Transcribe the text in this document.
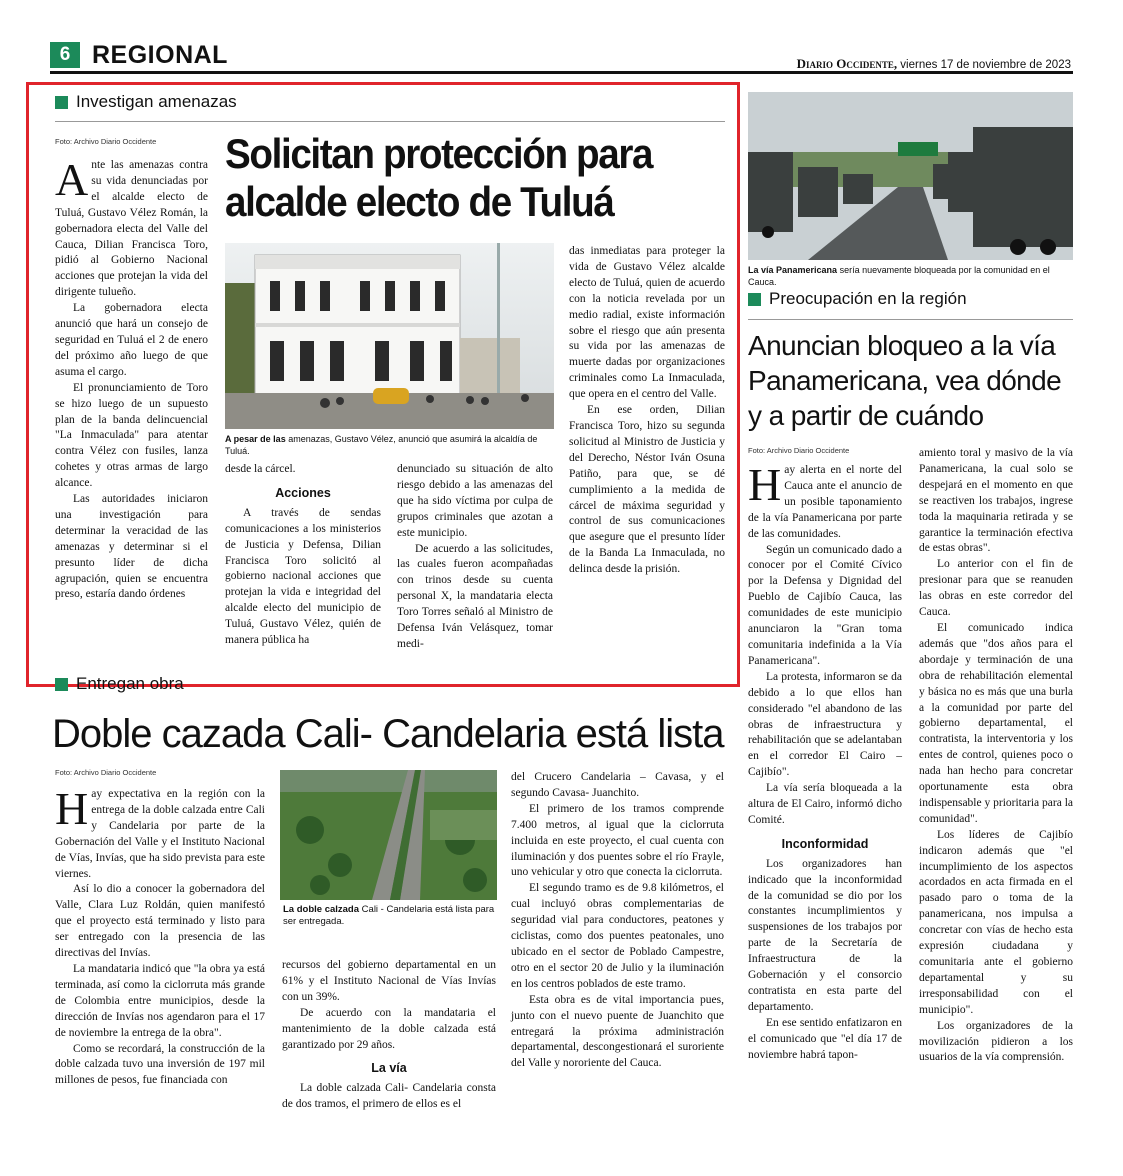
6 REGIONAL	Diario Occidente, viernes 17 de noviembre de 2023
Investigan amenazas
Foto: Archivo Diario Occidente Solicitan protección para alcalde electo de Tuluá
A pesar de las amenazas, Gustavo Vélez, anunció que asumirá la alcaldía de Tuluá.
A nte las amenazas contra su vida denunciadas por el alcalde electo de Tuluá, Gustavo Vélez Román, la gobernadora electa del Valle del Cauca, Dilian Francisca Toro, pidió al Gobierno Nacional acciones que protejan la vida del dirigente tulueño.

La gobernadora electa anunció que hará un consejo de seguridad en Tuluá el 2 de enero del próximo año luego de que asuma el cargo.

El pronunciamiento de Toro se hizo luego de un supuesto plan de la banda delincuencial "La Inmaculada" para atentar contra Vélez con fusiles, lanza cohetes y otras armas de largo alcance.

Las autoridades iniciaron una investigación para determinar la veracidad de las amenazas y determinar si el presunto líder de dicha agrupación, quien se encuentra preso, estaría dando órdenes

desde la cárcel.

Acciones

A través de sendas comunicaciones a los ministerios de Justicia y Defensa, Dilian Francisca Toro solicitó al gobierno nacional acciones que protejan la vida e integridad del alcalde electo del municipio de Tuluá, Gustavo Vélez, quién de manera pública ha

denunciado su situación de alto riesgo debido a las amenazas del que ha sido víctima por culpa de grupos criminales que azotan a este municipio.

De acuerdo a las solicitudes, las cuales fueron acompañadas con trinos desde su cuenta personal X, la mandataria electa Toro Torres señaló al Ministro de Defensa Iván Velásquez, tomar medi-

das inmediatas para proteger la vida de Gustavo Vélez alcalde electo de Tuluá, quien de acuerdo con la noticia revelada por un medio radial, existe información sobre el riesgo que aún presenta su vida por las amenazas de muerte dadas por organizaciones criminales como La Inmaculada, que opera en el centro del Valle.

En ese orden, Dilian Francisca Toro, hizo su segunda solicitud al Ministro de Justicia y del Derecho, Néstor Iván Osuna Patiño, para que, se dé cumplimiento a la medida de cárcel de máxima seguridad y control de sus comunicaciones que asegure que el presunto líder de la Banda La Inmaculada, no delinca desde la prisión.

Entregan obra
Doble cazada Cali- Candelaria está lista
Foto: Archivo Diario Occidente
La doble calzada Cali - Candelaria está lista para ser entregada.
H ay expectativa en la región con la entrega de la doble calzada entre Cali y Candelaria por parte de la Gobernación del Valle y el Instituto Nacional de Vías, Invías, que ha sido prevista para este viernes.

Así lo dio a conocer la gobernadora del Valle, Clara Luz Roldán, quien manifestó que el proyecto está terminado y listo para ser entregado con la presencia de las directivas del Invías.

La mandataria indicó que "la obra ya está terminada, así como la ciclorruta más grande de Colombia entre municipios, desde la dirección de Invías nos agendaron para el 17 de noviembre la entrega de la obra".

Como se recordará, la construcción de la doble calzada tuvo una inversión de 197 mil millones de pesos, fue financiada con

recursos del gobierno departamental en un 61% y el Instituto Nacional de Vías Invías con un 39%.

De acuerdo con la mandataria el mantenimiento de la doble calzada está garantizado por 29 años.

La vía

La doble calzada Cali- Candelaria consta de dos tramos, el primero de ellos es el

del Crucero Candelaria – Cavasa, y el segundo Cavasa- Juanchito.

El primero de los tramos comprende 7.400 metros, al igual que la ciclorruta incluida en este proyecto, el cual cuenta con iluminación y dos puentes sobre el río Frayle, uno vehicular y otro que conecta la ciclorruta.

El segundo tramo es de 9.8 kilómetros, el cual incluyó obras complementarias de seguridad vial para conductores, peatones y ciclistas, como dos puentes peatonales, uno ubicado en el sector de Poblado Campestre, otro en el sector 20 de Julio y la iluminación en los centros poblados de este tramo.

Esta obra es de vital importancia pues, junto con el nuevo puente de Juanchito que entregará la próxima administración departamental, descongestionará el suroriente del Valle y nororiente del Cauca.

La vía Panamericana sería nuevamente bloqueada por la comunidad en el Cauca.
Preocupación en la región
Anuncian bloqueo a la vía Panamericana, vea dónde y a partir de cuándo
Foto: Archivo Diario Occidente
H ay alerta en el norte del Cauca ante el anuncio de un posible taponamiento de la vía Panamericana por parte de las comunidades.

Según un comunicado dado a conocer por el Comité Cívico por la Defensa y Dignidad del Pueblo de Cajibío Cauca, las comunidades de este municipio anunciaron la "Gran toma comunitaria indefinida a la Vía Panamericana".

La protesta, informaron se da debido a lo que ellos han considerado "el abandono de las obras de infraestructura y rehabilitación que se adelantaban en el corredor El Cairo –Cajibío".

La vía sería bloqueada a la altura de El Cairo, informó dicho Comité.

Inconformidad

Los organizadores han indicado que la inconformidad de la comunidad se dio por los constantes incumplimientos y suspensiones de los trabajos por parte de la Secretaría de Infraestructura de la Gobernación y el consorcio contratista en esta parte del departamento.

En ese sentido enfatizaron en el comunicado que "el día 17 de noviembre habrá tapon-

amiento toral y masivo de la vía Panamericana, la cual solo se despejará en el momento en que se reactiven los trabajos, ingrese toda la maquinaria retirada y se garantice la terminación efectiva de estas obras".

Lo anterior con el fin de presionar para que se reanuden las obras en este corredor del Cauca.

El comunicado indica además que "dos años para el abordaje y terminación de una obra de rehabilitación elemental y básica no es más que una burla a la comunidad por parte del gobierno departamental, el contratista, la interventoria y los entes de control, quienes poco o nada han hecho para concretar oportunamente esta obra indispensable y prioritaria para la comunidad".

Los líderes de Cajibío indicaron además que "el incumplimiento de los aspectos acordados en acta firmada en el pasado paro o toma de la panamericana, nos impulsa a concretar con vías de hecho esta expresión ciudadana y comunitaria ante el gobierno departamental y su irresponsabilidad con el municipio".

Los organizadores de la movilización pidieron a los usuarios de la vía comprensión.
